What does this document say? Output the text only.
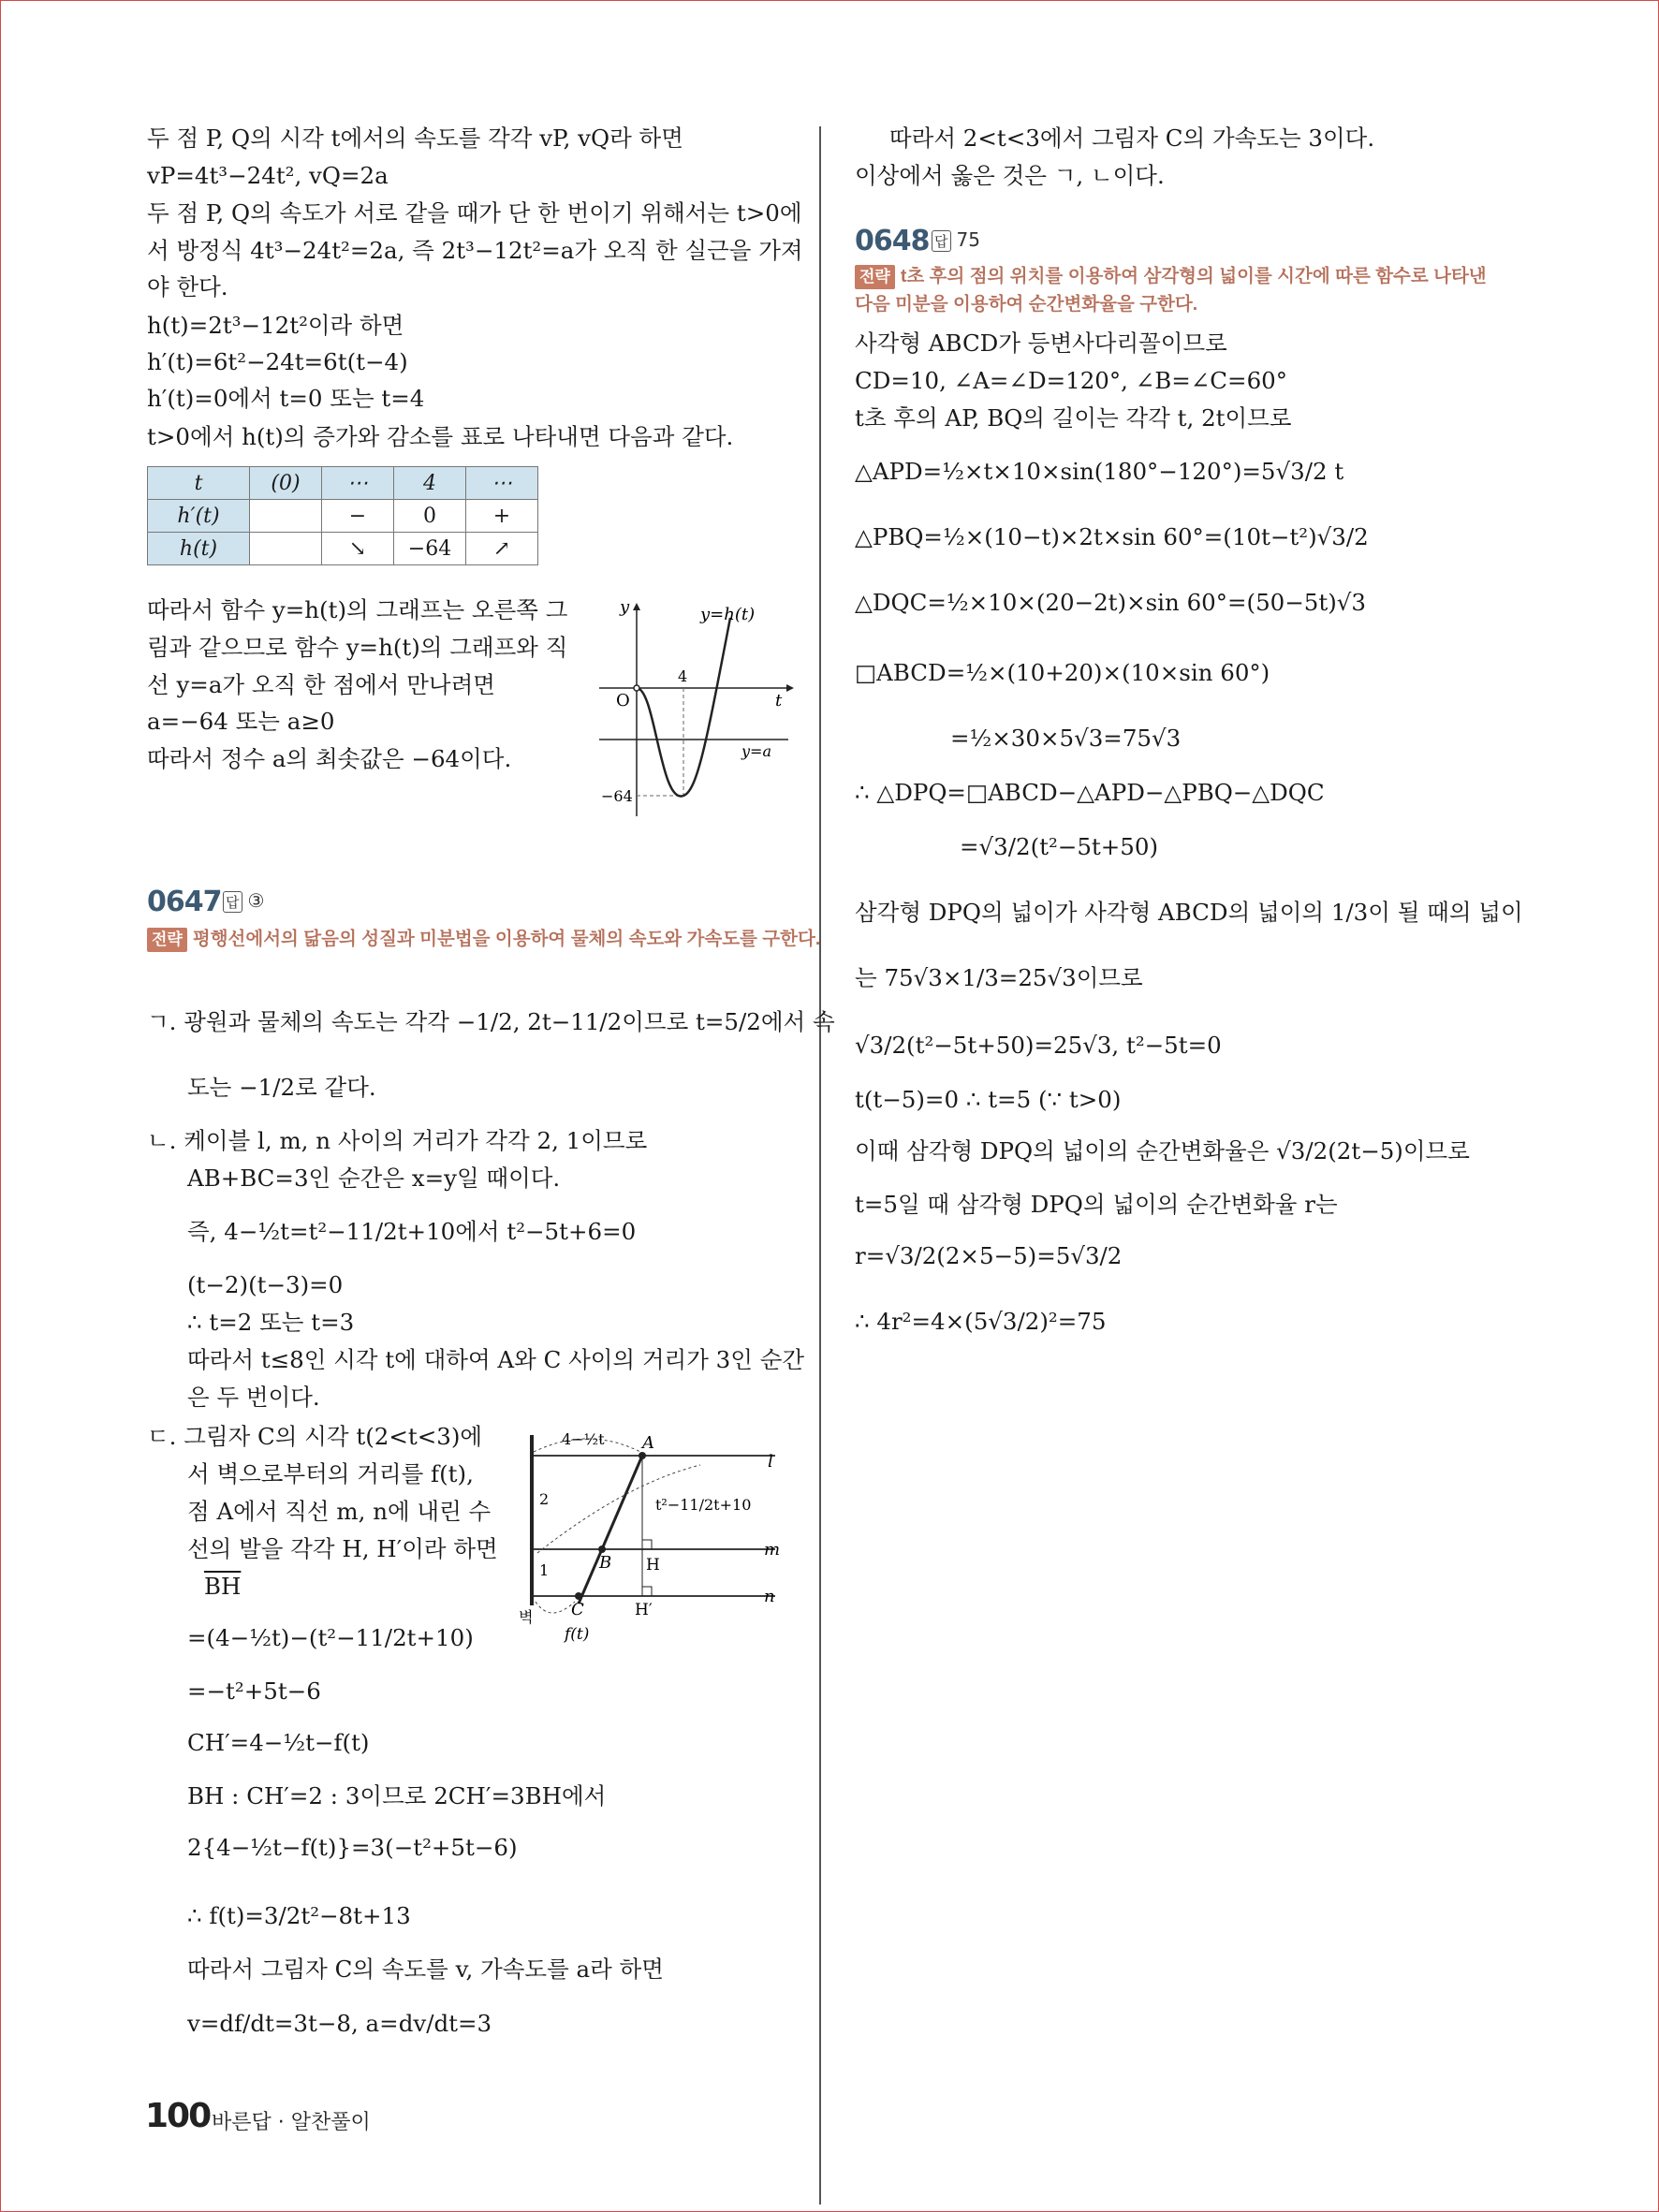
두 점 P, Q의 시각 t에서의 속도를 각각 vP, vQ라 하면
vP=4t³−24t², vQ=2a
두 점 P, Q의 속도가 서로 같을 때가 단 한 번이기 위해서는 t>0에
서 방정식 4t³−24t²=2a, 즉 2t³−12t²=a가 오직 한 실근을 가져
야 한다.
h(t)=2t³−12t²이라 하면
h′(t)=6t²−24t=6t(t−4)
h′(t)=0에서 t=0 또는 t=4
t>0에서 h(t)의 증가와 감소를 표로 나타내면 다음과 같다.
t	(0)	⋯	4	⋯
h′(t)		−	0	+
h(t)		↘	−64	↗
따라서 함수 y=h(t)의 그래프는 오른쪽 그
림과 같으므로 함수 y=h(t)의 그래프와 직
선 y=a가 오직 한 점에서 만나려면
a=−64 또는 a≥0
따라서 정수 a의 최솟값은 −64이다.
y	y=h(t)
O
4
t
y=a
−64
0647 답 ③
전략 평행선에서의 닮음의 성질과 미분법을 이용하여 물체의 속도와 가속도를 구한다.
ㄱ. 광원과 물체의 속도는 각각 −1/2, 2t−11/2이므로 t=5/2에서 속
도는 −1/2로 같다.
ㄴ. 케이블 l, m, n 사이의 거리가 각각 2, 1이므로
AB+BC=3인 순간은 x=y일 때이다.
즉, 4−½t=t²−11/2t+10에서 t²−5t+6=0
(t−2)(t−3)=0
∴ t=2 또는 t=3
따라서 t≤8인 시각 t에 대하여 A와 C 사이의 거리가 3인 순간
은 두 번이다.
ㄷ. 그림자 C의 시각 t(2<t<3)에
서 벽으로부터의 거리를 f(t),
점 A에서 직선 m, n에 내린 수
선의 발을 각각 H, H′이라 하면
$\overline{BH}$
=(4−½t)−(t²−11/2t+10)
=−t²+5t−6
CH′=4−½t−f(t)
BH : CH′=2 : 3이므로 2CH′=3BH에서
2{4−½t−f(t)}=3(−t²+5t−6)
∴ f(t)=3/2t²−8t+13
따라서 그림자 C의 속도를 v, 가속도를 a라 하면
v=df/dt=3t−8, a=dv/dt=3
4−½t A
l
t²−11/2t+10
2
B H
m
1
C	H′
n
벽
f(t)
따라서 2<t<3에서 그림자 C의 가속도는 3이다.
이상에서 옳은 것은 ㄱ, ㄴ이다.
0648 답 75
전략 t초 후의 점의 위치를 이용하여 삼각형의 넓이를 시간에 따른 함수로 나타낸
다음 미분을 이용하여 순간변화율을 구한다.
사각형 ABCD가 등변사다리꼴이므로
CD=10, ∠A=∠D=120°, ∠B=∠C=60°
t초 후의 AP, BQ의 길이는 각각 t, 2t이므로
△APD=½×t×10×sin(180°−120°)=5√3/2 t
△PBQ=½×(10−t)×2t×sin 60°=(10t−t²)√3/2
△DQC=½×10×(20−2t)×sin 60°=(50−5t)√3
□ABCD=½×(10+20)×(10×sin 60°)
=½×30×5√3=75√3
∴ △DPQ=□ABCD−△APD−△PBQ−△DQC
=√3/2(t²−5t+50)
삼각형 DPQ의 넓이가 사각형 ABCD의 넓이의 1/3이 될 때의 넓이
는 75√3×1/3=25√3이므로
√3/2(t²−5t+50)=25√3, t²−5t=0
t(t−5)=0 ∴ t=5 (∵ t>0)
이때 삼각형 DPQ의 넓이의 순간변화율은 √3/2(2t−5)이므로
t=5일 때 삼각형 DPQ의 넓이의 순간변화율 r는
r=√3/2(2×5−5)=5√3/2
∴ 4r²=4×(5√3/2)²=75
100 바른답 · 알찬풀이
